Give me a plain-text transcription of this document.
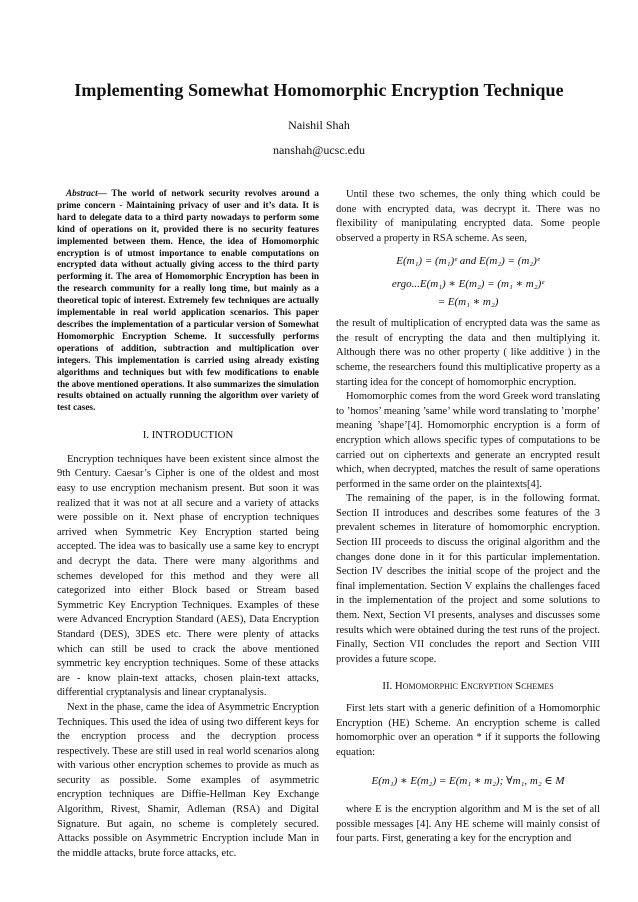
Implementing Somewhat Homomorphic Encryption Technique
Naishil Shah
nanshah@ucsc.edu

Abstract— The world of network security revolves around a prime concern - Maintaining privacy of user and it’s data. It is hard to delegate data to a third party nowadays to perform some kind of operations on it, provided there is no security features implemented between them. Hence, the idea of Homomorphic encryption is of utmost importance to enable computations on encrypted data without actually giving access to the third party performing it. The area of Homomorphic Encryption has been in the research community for a really long time, but mainly as a theoretical topic of interest. Extremely few techniques are actually implementable in real world application scenarios. This paper describes the implementation of a particular version of Somewhat Homomorphic Encryption Scheme. It successfully performs operations of addition, subtraction and multiplication over integers. This implementation is carried using already existing algorithms and techniques but with few modifications to enable the above mentioned operations. It also summarizes the simulation results obtained on actually running the algorithm over variety of test cases.

I. INTRODUCTION

Encryption techniques have been existent since almost the 9th Century. Caesar’s Cipher is one of the oldest and most easy to use encryption mechanism present. But soon it was realized that it was not at all secure and a variety of attacks were possible on it. Next phase of encryption techniques arrived when Symmetric Key Encryption started being accepted. The idea was to basically use a same key to encrypt and decrypt the data. There were many algorithms and schemes developed for this method and they were all categorized into either Block based or Stream based Symmetric Key Encryption Techniques. Examples of these were Advanced Encryption Standard (AES), Data Encryption Standard (DES), 3DES etc. There were plenty of attacks which can still be used to crack the above mentioned symmetric key encryption techniques. Some of these attacks are - know plain-text attacks, chosen plain-text attacks, differential cryptanalysis and linear cryptanalysis.

Next in the phase, came the idea of Asymmetric Encryption Techniques. This used the idea of using two different keys for the encryption process and the decryption process respectively. These are still used in real world scenarios along with various other encryption schemes to provide as much as security as possible. Some examples of asymmetric encryption techniques are Diffie-Hellman Key Exchange Algorithm, Rivest, Shamir, Adleman (RSA) and Digital Signature. But again, no scheme is completely secured. Attacks possible on Asymmetric Encryption include Man in the middle attacks, brute force attacks, etc.

Until these two schemes, the only thing which could be done with encrypted data, was decrypt it. There was no flexibility of manipulating encrypted data. Some people observed a property in RSA scheme. As seen,

E(m₁) = (m₁)ᵉ and E(m₂) = (m₂)ᵉ
ergo...E(m₁) ∗ E(m₂) = (m₁ ∗ m₂)ᵉ
= E(m₁ ∗ m₂)

the result of multiplication of encrypted data was the same as the result of encrypting the data and then multiplying it. Although there was no other property ( like additive ) in the scheme, the researchers found this multiplicative property as a starting idea for the concept of homomorphic encryption.

Homomorphic comes from the word Greek word translating to ’homos’ meaning ’same’ while word translating to ’morphe’ meaning ’shape’[4]. Homomorphic encryption is a form of encryption which allows specific types of computations to be carried out on ciphertexts and generate an encrypted result which, when decrypted, matches the result of same operations performed in the same order on the plaintexts[4].

The remaining of the paper, is in the following format. Section II introduces and describes some features of the 3 prevalent schemes in literature of homomorphic encryption. Section III proceeds to discuss the original algorithm and the changes done done in it for this particular implementation. Section IV describes the initial scope of the project and the final implementation. Section V explains the challenges faced in the implementation of the project and some solutions to them. Next, Section VI presents, analyses and discusses some results which were obtained during the test runs of the project. Finally, Section VII concludes the report and Section VIII provides a future scope.

II. Homomorphic Encryption Schemes

First lets start with a generic definition of a Homomorphic Encryption (HE) Scheme. An encryption scheme is called homomorphic over an operation * if it supports the following equation:

E(m₁) ∗ E(m₂) = E(m₁ ∗ m₂); ∀m₁, m₂ ∈ M

where E is the encryption algorithm and M is the set of all possible messages [4]. Any HE scheme will mainly consist of four parts. First, generating a key for the encryption and
